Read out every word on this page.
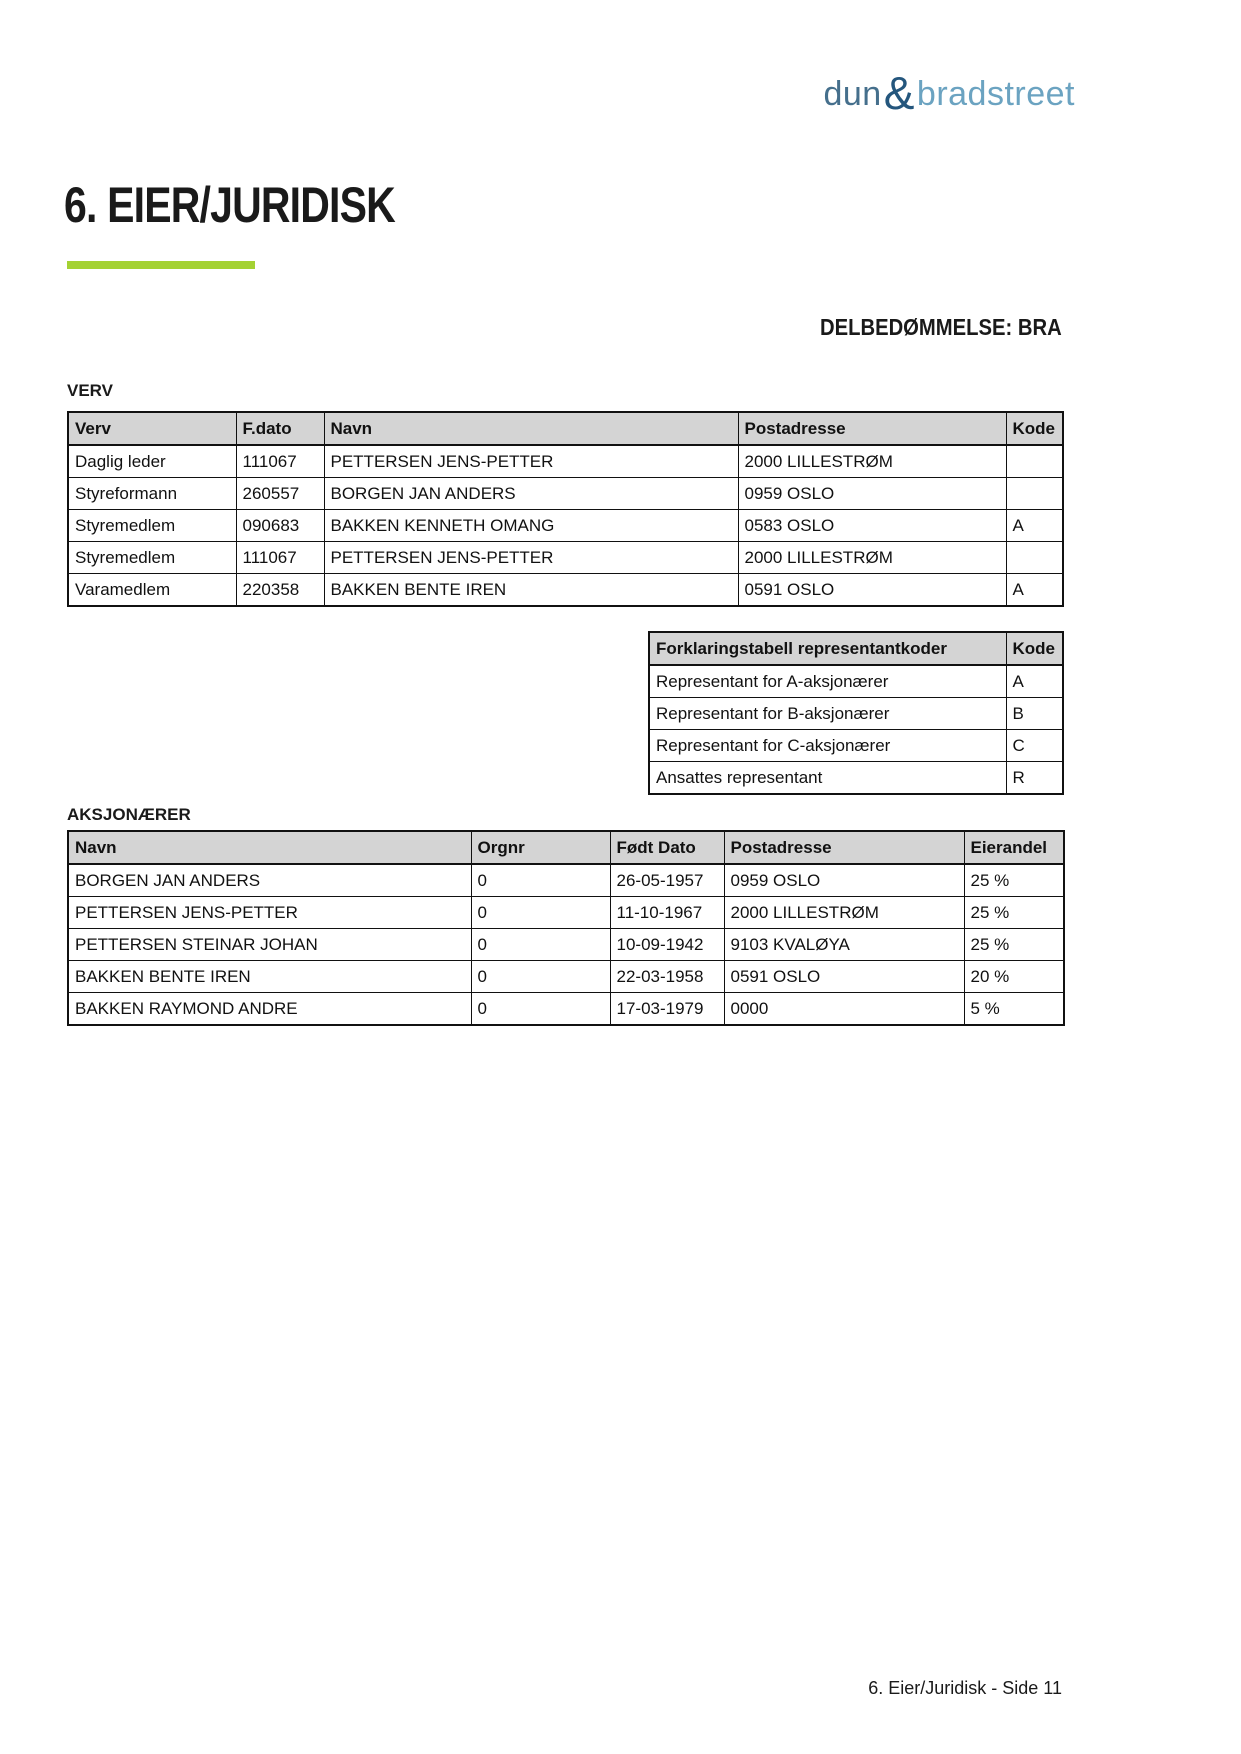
dun&bradstreet
6. EIER/JURIDISK
DELBEDØMMELSE: BRA
VERV
Verv	F.dato	Navn	Postadresse	Kode
Daglig leder	111067	PETTERSEN JENS-PETTER	2000 LILLESTRØM	
Styreformann	260557	BORGEN JAN ANDERS	0959 OSLO	
Styremedlem	090683	BAKKEN KENNETH OMANG	0583 OSLO	A
Styremedlem	111067	PETTERSEN JENS-PETTER	2000 LILLESTRØM	
Varamedlem	220358	BAKKEN BENTE IREN	0591 OSLO	A
Forklaringstabell representantkoder	Kode
Representant for A-aksjonærer	A
Representant for B-aksjonærer	B
Representant for C-aksjonærer	C
Ansattes representant	R
AKSJONÆRER
Navn	Orgnr	Født Dato	Postadresse	Eierandel
BORGEN JAN ANDERS	0	26-05-1957	0959 OSLO	25 %
PETTERSEN JENS-PETTER	0	11-10-1967	2000 LILLESTRØM	25 %
PETTERSEN STEINAR JOHAN	0	10-09-1942	9103 KVALØYA	25 %
BAKKEN BENTE IREN	0	22-03-1958	0591 OSLO	20 %
BAKKEN RAYMOND ANDRE	0	17-03-1979	0000	5 %
6. Eier/Juridisk - Side 11
